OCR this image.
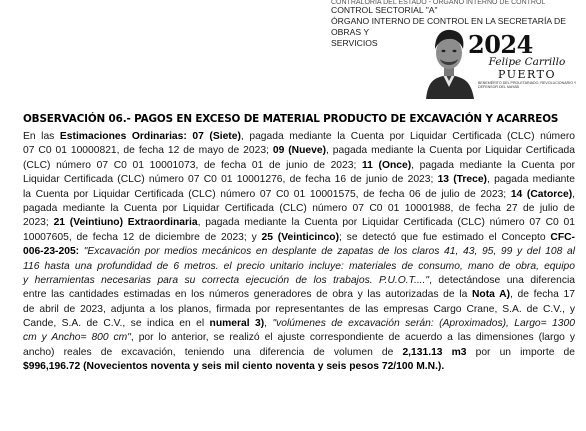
CONTRALORÍA DEL ESTADO - ÓRGANO INTERNO DE CONTROL
CONTROL SECTORIAL "A"
ÓRGANO INTERNO DE CONTROL EN LA SECRETARÍA DE OBRAS Y
SERVICIOS	2024
Felipe Carrillo
PUERTO
BENEMÉRITO DEL PROLETARIADO, REVOLUCIONARIO Y DEFENSOR DEL MAYAB
OBSERVACIÓN 06.- PAGOS EN EXCESO DE MATERIAL PRODUCTO DE EXCAVACIÓN Y ACARREOS
En las Estimaciones Ordinarias: 07 (Siete), pagada mediante la Cuenta por Liquidar Certificada (CLC) número
07 C0 01 10000821, de fecha 12 de mayo de 2023; 09 (Nueve), pagada mediante la Cuenta por Liquidar Certificada
(CLC) número 07 C0 01 10001073, de fecha 01 de junio de 2023; 11 (Once), pagada mediante la Cuenta por
Liquidar Certificada (CLC) número 07 C0 01 10001276, de fecha 16 de junio de 2023; 13 (Trece), pagada mediante
la Cuenta por Liquidar Certificada (CLC) número 07 C0 01 10001575, de fecha 06 de julio de 2023; 14 (Catorce),
pagada mediante la Cuenta por Liquidar Certificada (CLC) número 07 C0 01 10001988, de fecha 27 de julio de
2023; 21 (Veintiuno) Extraordinaria, pagada mediante la Cuenta por Liquidar Certificada (CLC) número 07 C0 01
10007605, de fecha 12 de diciembre de 2023; y 25 (Veinticinco); se detectó que fue estimado el Concepto CFC-
006-23-205: "Excavación por medios mecánicos en desplante de zapatas de los claros 41, 43, 95, 99 y del 108 al
116 hasta una profundidad de 6 metros. el precio unitario incluye: materiales de consumo, mano de obra, equipo
y herramientas necesarias para su correcta ejecución de los trabajos. P.U.O.T....", detectándose una diferencia
entre las cantidades estimadas en los números generadores de obra y las autorizadas de la Nota A), de fecha 17
de abril de 2023, adjunta a los planos, firmada por representantes de las empresas Cargo Crane, S.A. de C.V., y
Cande, S.A. de C.V., se indica en el numeral 3), "volúmenes de excavación serán: (Aproximados), Largo= 1300
cm y Ancho= 800 cm", por lo anterior, se realizó el ajuste correspondiente de acuerdo a las dimensiones (largo y
ancho) reales de excavación, teniendo una diferencia de volumen de 2,131.13 m3 por un importe de
$996,196.72 (Novecientos noventa y seis mil ciento noventa y seis pesos 72/100 M.N.).
